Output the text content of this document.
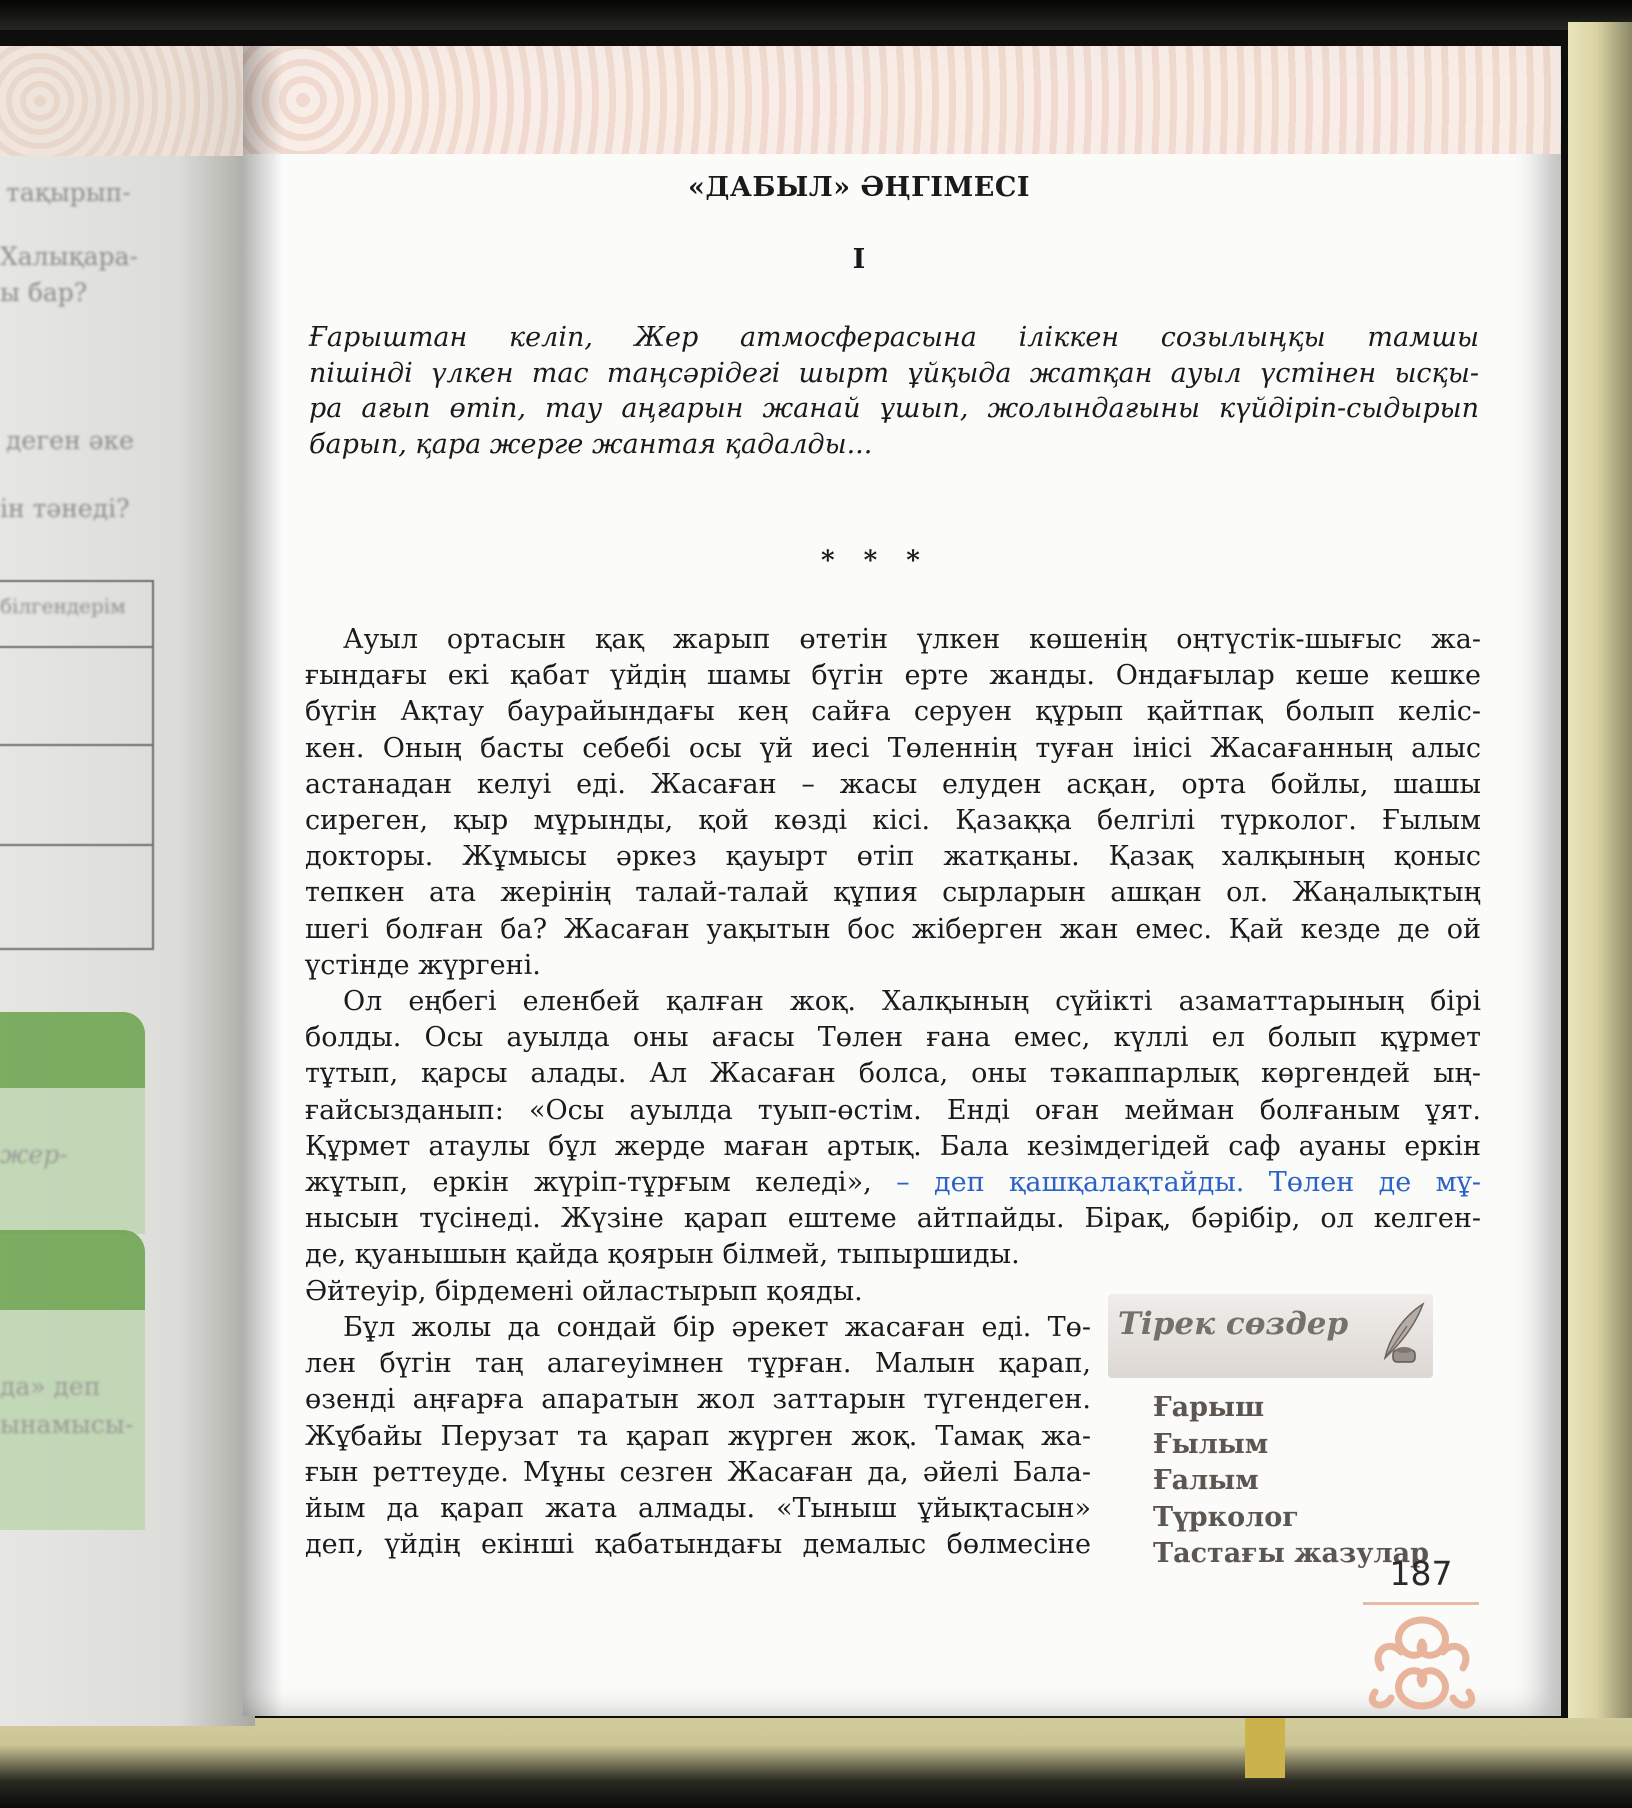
тақырып-
Халықара-
ы бар?
деген әке
ін тәнеді?
білгендерім
жер-
да» деп
ынамысы-
«ДАБЫЛ» ӘҢГІМЕСІ
I
Ғарыштан келіп, Жер атмосферасына іліккен созылыңқы тамшы
пішінді үлкен тас таңсәрідегі шырт ұйқыда жатқан ауыл үстінен ысқы-
ра ағып өтіп, тау аңғарын жанай ұшып, жолындағыны күйдіріп-сыдырып
барып, қара жерге жантая қадалды...
* * *
Ауыл ортасын қақ жарып өтетін үлкен көшенің оңтүстік-шығыс жа-
ғындағы екі қабат үйдің шамы бүгін ерте жанды. Ондағылар кеше кешке
бүгін Ақтау баурайындағы кең сайға серуен құрып қайтпақ болып келіс-
кен. Оның басты себебі осы үй иесі Төленнің туған інісі Жасағанның алыс
астанадан келуі еді. Жасаған – жасы елуден асқан, орта бойлы, шашы
сиреген, қыр мұрынды, қой көзді кісі. Қазаққа белгілі түрколог. Ғылым
докторы. Жұмысы әркез қауырт өтіп жатқаны. Қазақ халқының қоныс
тепкен ата жерінің талай-талай құпия сырларын ашқан ол. Жаңалықтың
шегі болған ба? Жасаған уақытын бос жіберген жан емес. Қай кезде де ой
үстінде жүргені.
Ол еңбегі еленбей қалған жоқ. Халқының сүйікті азаматтарының бірі
болды. Осы ауылда оны ағасы Төлен ғана емес, күллі ел болып құрмет
тұтып, қарсы алады. Ал Жасаған болса, оны тәкаппарлық көргендей ың-
ғайсызданып: «Осы ауылда туып-өстім. Енді оған мейман болғаным ұят.
Құрмет атаулы бұл жерде маған артық. Бала кезімдегідей саф ауаны еркін
жұтып, еркін жүріп-тұрғым келеді», – деп қашқалақтайды. Төлен де мұ-
нысын түсінеді. Жүзіне қарап ештеме айтпайды. Бірақ, бәрібір, ол келген-
де, қуанышын қайда қоярын білмей, тыпыршиды.
Әйтеуір, бірдемені ойластырып қояды.
Бұл жолы да сондай бір әрекет жасаған еді. Тө-
лен бүгін таң алагеуімнен тұрған. Малын қарап,
өзенді аңғарға апаратын жол заттарын түгендеген.
Жұбайы Перузат та қарап жүрген жоқ. Тамақ жа-
ғын реттеуде. Мұны сезген Жасаған да, әйелі Бала-
йым да қарап жата алмады. «Тыныш ұйықтасын»
деп, үйдің екінші қабатындағы демалыс бөлмесіне
Тірек сөздер
Ғарыш
Ғылым
Ғалым
Түрколог
Тастағы жазулар
187
